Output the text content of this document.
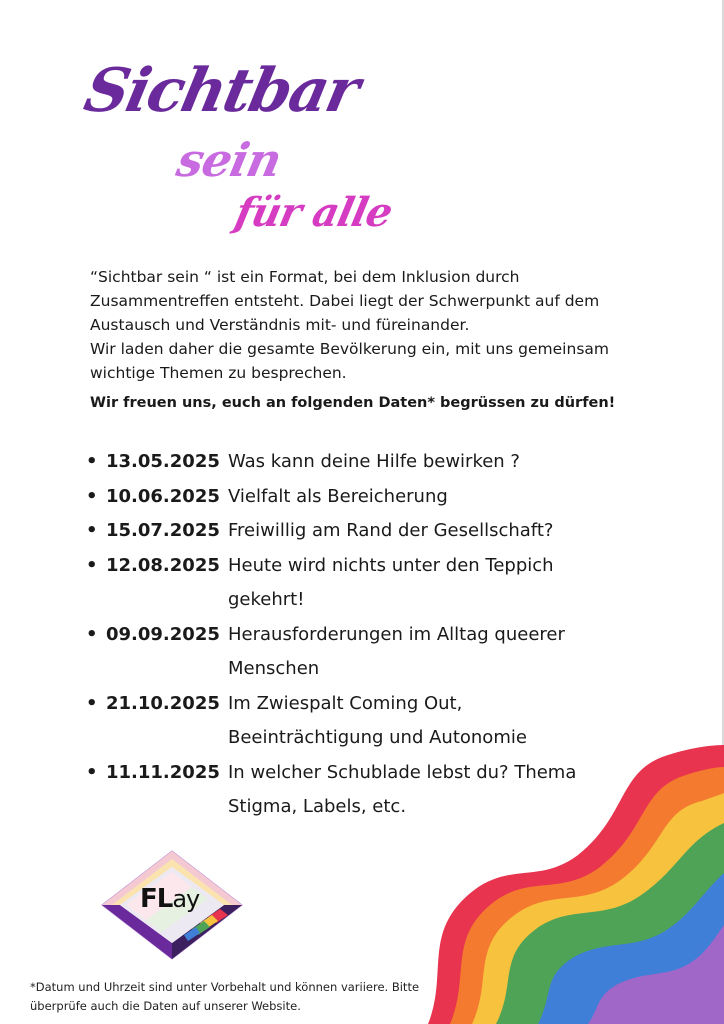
Sichtbar
sein
für alle

“Sichtbar sein “ ist ein Format, bei dem Inklusion durch Zusammentreffen entsteht. Dabei liegt der Schwerpunkt auf dem Austausch und Verständnis mit- und füreinander.

Wir laden daher die gesamte Bevölkerung ein, mit uns gemeinsam wichtige Themen zu besprechen.

Wir freuen uns, euch an folgenden Daten* begrüssen zu dürfen!
• 13.05.2025 Was kann deine Hilfe bewirken ?
• 10.06.2025 Vielfalt als Bereicherung
• 15.07.2025 Freiwillig am Rand der Gesellschaft?
• 12.08.2025 Heute wird nichts unter den Teppich gekehrt!
• 09.09.2025 Herausforderungen im Alltag queerer Menschen
• 21.10.2025 Im Zwiespalt Coming Out, Beeinträchtigung und Autonomie
• 11.11.2025 In welcher Schublade lebst du? Thema Stigma, Labels, etc.
FLay
*Datum und Uhrzeit sind unter Vorbehalt und können variiere. Bitte überprüfe auch die Daten auf unserer Website.
